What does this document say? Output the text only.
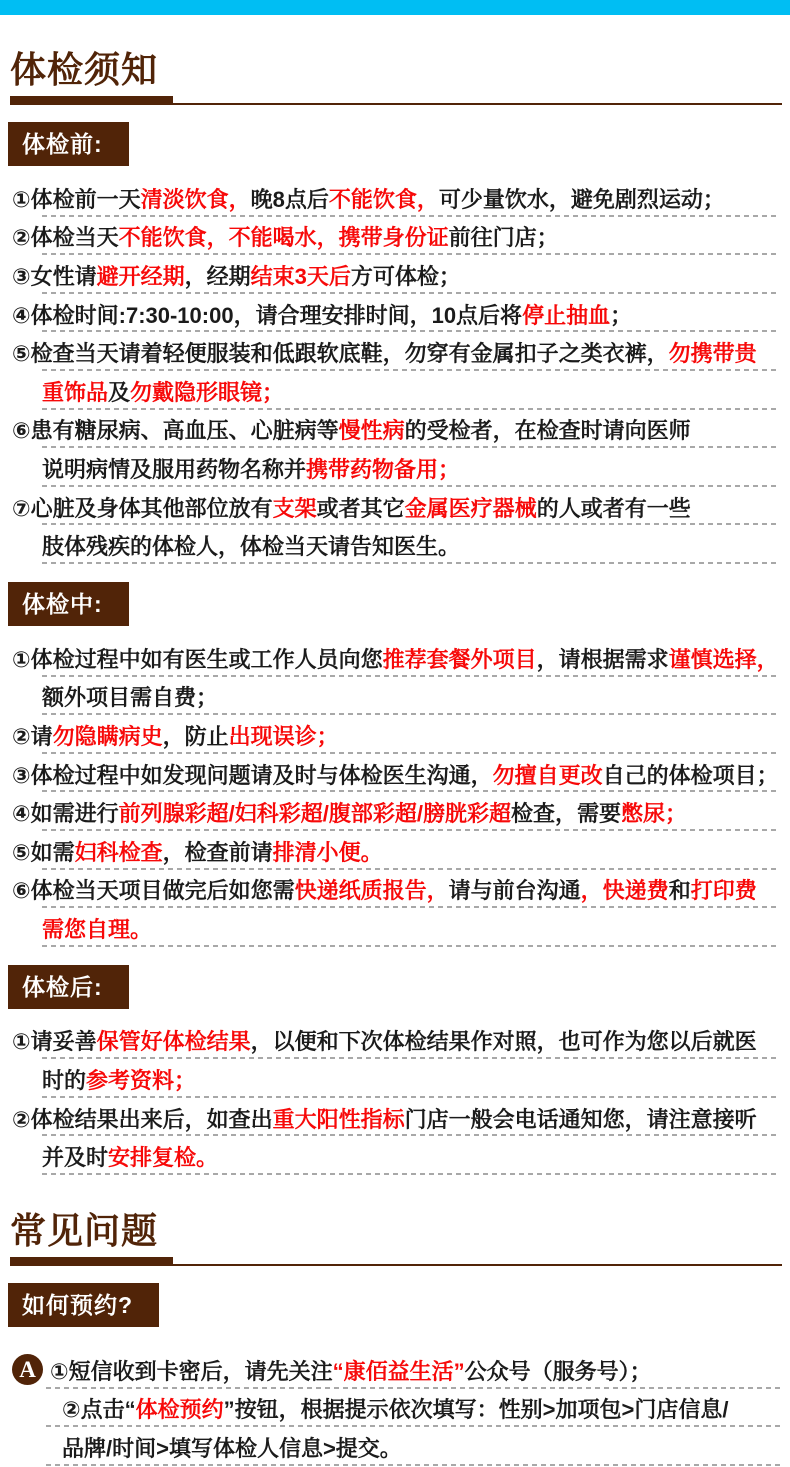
体检须知
体检前:
①体检前一天清淡饮食，晚8点后不能饮食，可少量饮水，避免剧烈运动；
②体检当天不能饮食，不能喝水，携带身份证前往门店；
③女性请避开经期，经期结束3天后方可体检；
④体检时间:7:30-10:00，请合理安排时间，10点后将停止抽血；
⑤检查当天请着轻便服装和低跟软底鞋，勿穿有金属扣子之类衣裤，勿携带贵
重饰品及勿戴隐形眼镜；
⑥患有糖尿病、高血压、心脏病等慢性病的受检者，在检查时请向医师
说明病情及服用药物名称并携带药物备用；
⑦心脏及身体其他部位放有支架或者其它金属医疗器械的人或者有一些
肢体残疾的体检人，体检当天请告知医生。
体检中:
①体检过程中如有医生或工作人员向您推荐套餐外项目，请根据需求谨慎选择，
额外项目需自费；
②请勿隐瞒病史，防止出现误诊；
③体检过程中如发现问题请及时与体检医生沟通，勿擅自更改自己的体检项目；
④如需进行前列腺彩超/妇科彩超/腹部彩超/膀胱彩超检查，需要憋尿；
⑤如需妇科检查，检查前请排清小便。
⑥体检当天项目做完后如您需快递纸质报告，请与前台沟通，快递费和打印费
需您自理。
体检后:
①请妥善保管好体检结果，以便和下次体检结果作对照，也可作为您以后就医
时的参考资料；
②体检结果出来后，如查出重大阳性指标门店一般会电话通知您，请注意接听
并及时安排复检。
常见问题
如何预约?
A ①短信收到卡密后，请先关注“康佰益生活”公众号（服务号）；
②点击“体检预约”按钮，根据提示依次填写：性别>加项包>门店信息/
品牌/时间>填写体检人信息>提交。
